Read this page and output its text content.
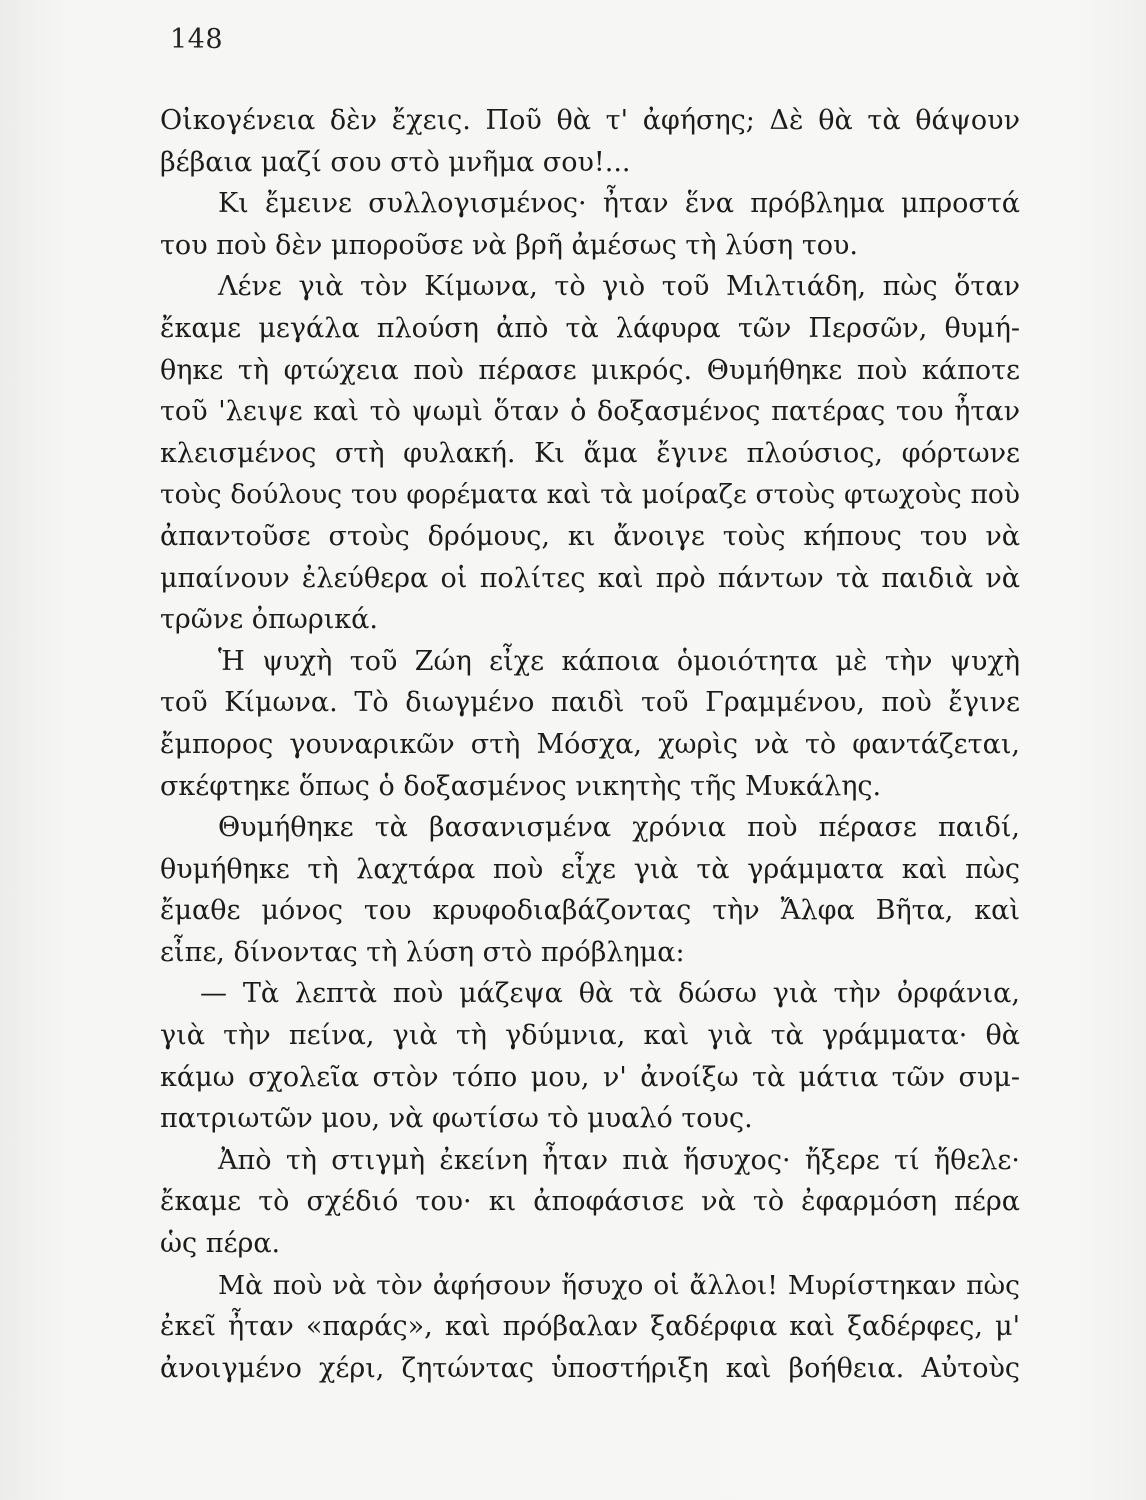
148
Οἰκογένεια δὲν ἔχεις. Ποῦ θὰ τ' ἀφήσης; Δὲ θὰ τὰ θάψουν
βέβαια μαζί σου στὸ μνῆμα σου!...
Κι ἔμεινε συλλογισμένος· ἦταν ἕνα πρόβλημα μπροστά
του ποὺ δὲν μποροῦσε νὰ βρῆ ἀμέσως τὴ λύση του.
Λένε γιὰ τὸν Κίμωνα, τὸ γιὸ τοῦ Μιλτιάδη, πὼς ὅταν
ἔκαμε μεγάλα πλούση ἀπὸ τὰ λάφυρα τῶν Περσῶν, θυμή-
θηκε τὴ φτώχεια ποὺ πέρασε μικρός. Θυμήθηκε ποὺ κάποτε
τοῦ 'λειψε καὶ τὸ ψωμὶ ὅταν ὁ δοξασμένος πατέρας του ἦταν
κλεισμένος στὴ φυλακή. Κι ἅμα ἔγινε πλούσιος, φόρτωνε
τοὺς δούλους του φορέματα καὶ τὰ μοίραζε στοὺς φτωχοὺς ποὺ
ἀπαντοῦσε στοὺς δρόμους, κι ἄνοιγε τοὺς κήπους του νὰ
μπαίνουν ἐλεύθερα οἱ πολίτες καὶ πρὸ πάντων τὰ παιδιὰ νὰ
τρῶνε ὀπωρικά.
Ἡ ψυχὴ τοῦ Ζώη εἶχε κάποια ὁμοιότητα μὲ τὴν ψυχὴ
τοῦ Κίμωνα. Τὸ διωγμένο παιδὶ τοῦ Γραμμένου, ποὺ ἔγινε
ἔμπορος γουναρικῶν στὴ Μόσχα, χωρὶς νὰ τὸ φαντάζεται,
σκέφτηκε ὅπως ὁ δοξασμένος νικητὴς τῆς Μυκάλης.
Θυμήθηκε τὰ βασανισμένα χρόνια ποὺ πέρασε παιδί,
θυμήθηκε τὴ λαχτάρα ποὺ εἶχε γιὰ τὰ γράμματα καὶ πὼς
ἔμαθε μόνος του κρυφοδιαβάζοντας τὴν Ἄλφα Βῆτα, καὶ
εἶπε, δίνοντας τὴ λύση στὸ πρόβλημα:
— Τὰ λεπτὰ ποὺ μάζεψα θὰ τὰ δώσω γιὰ τὴν ὀρφάνια,
γιὰ τὴν πείνα, γιὰ τὴ γδύμνια, καὶ γιὰ τὰ γράμματα· θὰ
κάμω σχολεῖα στὸν τόπο μου, ν' ἀνοίξω τὰ μάτια τῶν συμ-
πατριωτῶν μου, νὰ φωτίσω τὸ μυαλό τους.
Ἀπὸ τὴ στιγμὴ ἐκείνη ἦταν πιὰ ἥσυχος· ἤξερε τί ἤθελε·
ἔκαμε τὸ σχέδιό του· κι ἀποφάσισε νὰ τὸ ἐφαρμόση πέρα
ὡς πέρα.
Μὰ ποὺ νὰ τὸν ἀφήσουν ἥσυχο οἱ ἄλλοι! Μυρίστηκαν πὼς
ἐκεῖ ἦταν «παράς», καὶ πρόβαλαν ξαδέρφια καὶ ξαδέρφες, μ'
ἀνοιγμένο χέρι, ζητώντας ὑποστήριξη καὶ βοήθεια. Αὐτοὺς
